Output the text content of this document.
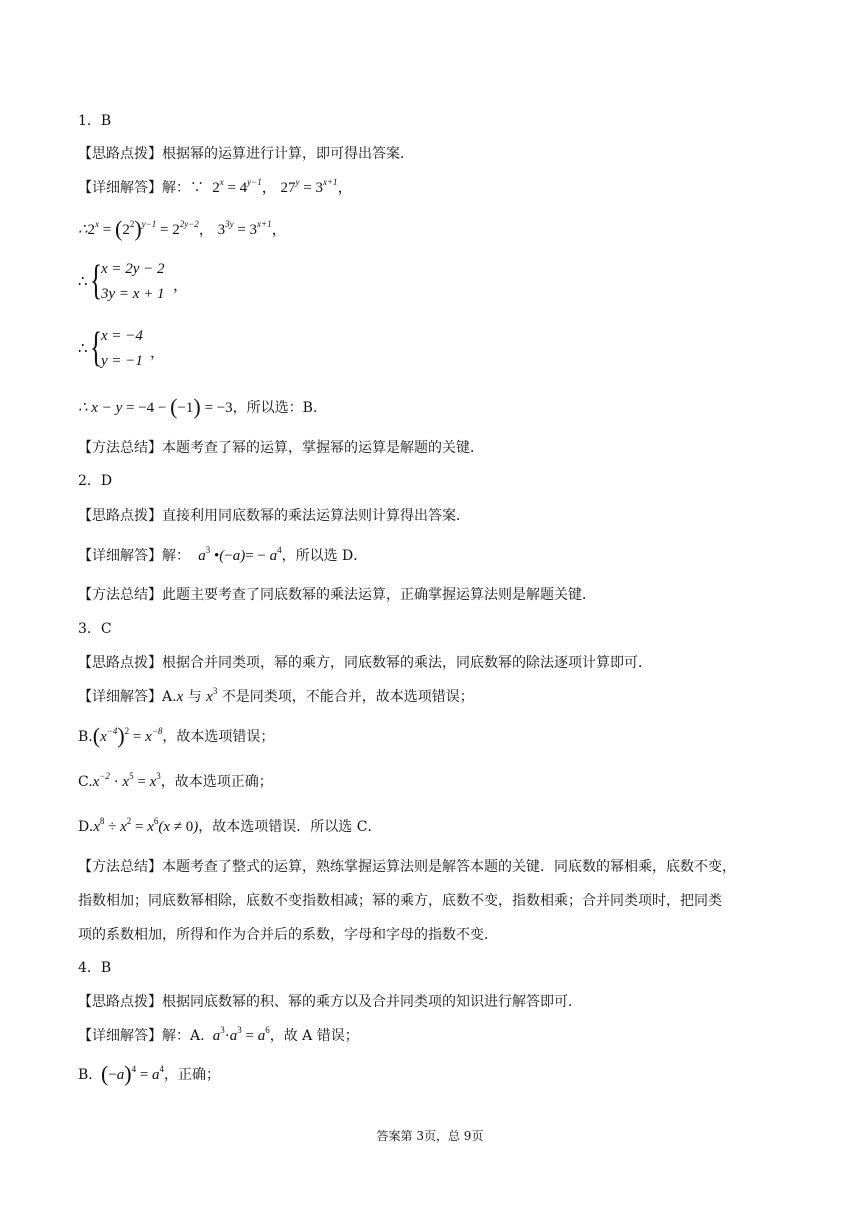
1．B
【思路点拨】根据幂的运算进行计算，即可得出答案．
【详细解答】解：∵ $2^x = 4^{y-1}$， $27^y = 3^{x+1}$，
$\therefore 2^x = (2^2)^{y-1} = 2^{2y-2}$， $3^{3y} = 3^{x+1}$，
∴ {
x = 2y − 2
3y = x + 1 ，
∴ {
x = −4
y = −1 ，
∴ x − y = −4 − (−1) = −3，所以选：B．
【方法总结】本题考查了幂的运算，掌握幂的运算是解题的关键．
2．D
【思路点拨】直接利用同底数幂的乘法运算法则计算得出答案．
【详细解答】解：  $a^3$ •(−a)= − $a^4$，所以选 D．
【方法总结】此题主要考查了同底数幂的乘法运算，正确掌握运算法则是解题关键．
3．C
【思路点拨】根据合并同类项，幂的乘方，同底数幂的乘法，同底数幂的除法逐项计算即可．
【详细解答】A.x 与 $x^3$ 不是同类项，不能合并，故本选项错误；
$B.(x^{-4})^2 = x^{-8}$，故本选项错误；
$C.x^{-2} \cdot x^5 = x^3$，故本选项正确；
$D.x^8 \div x^2 = x^6(x \ne 0)$，故本选项错误．所以选 C．
【方法总结】本题考查了整式的运算，熟练掌握运算法则是解答本题的关键．同底数的幂相乘，底数不变，
指数相加；同底数幂相除，底数不变指数相减；幂的乘方，底数不变，指数相乘；合并同类项时，把同类
项的系数相加，所得和作为合并后的系数，字母和字母的指数不变．
4．B
【思路点拨】根据同底数幂的积、幂的乘方以及合并同类项的知识进行解答即可．
【详细解答】解：A.  $a^3\cdot a^3 = a^6$，故 A 错误；
B. $(-a)^4 = a^4$，正确；
答案第 3页，总 9页
